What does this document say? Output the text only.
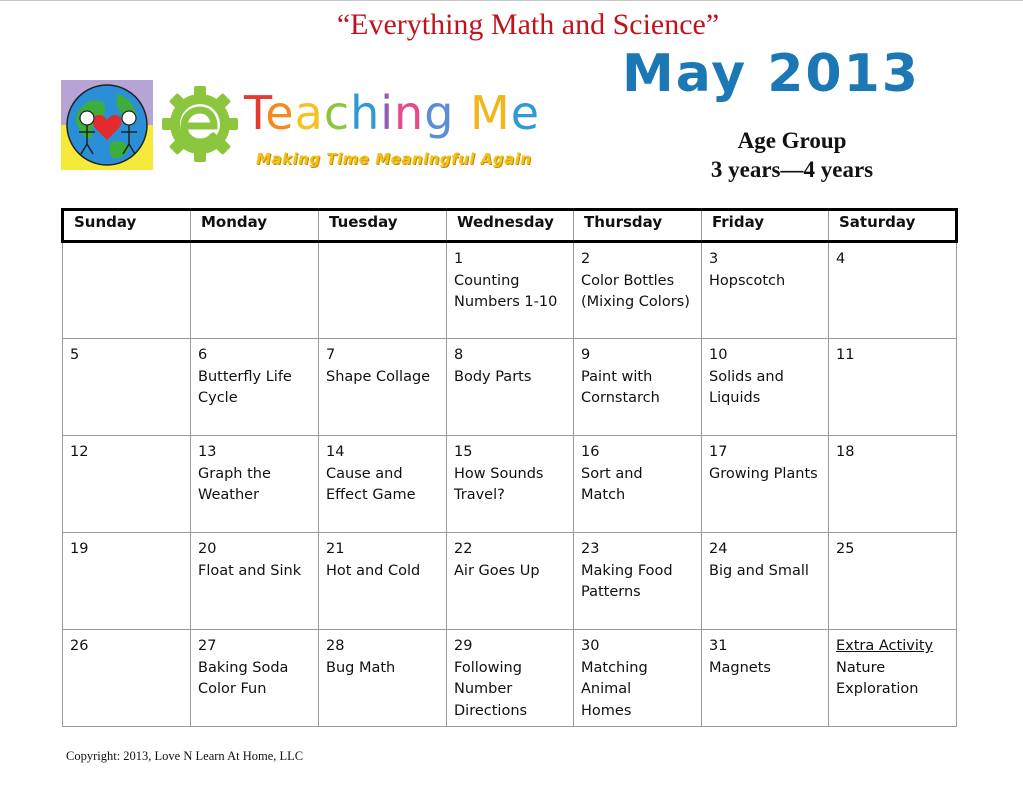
“Everything Math and Science”
May 2013
Age Group
3 years—4 years
Teaching Me
Making Time Meaningful Again
Sunday	Monday	Tuesday	Wednesday	Thursday	Friday	Saturday

			1
Counting
Numbers 1-10	2
Color Bottles
(Mixing Colors)	3
Hopscotch	4

5	6
Butterfly Life
Cycle	7
Shape Collage	8
Body Parts	9
Paint with
Cornstarch	10
Solids and
Liquids	11

12	13
Graph the
Weather	14
Cause and
Effect Game	15
How Sounds
Travel?	16
Sort and
Match	17
Growing Plants	18

19	20
Float and Sink	21
Hot and Cold	22
Air Goes Up	23
Making Food
Patterns	24
Big and Small	25

26	27
Baking Soda
Color Fun	28
Bug Math	29
Following
Number
Directions	30
Matching
Animal
Homes	31
Magnets	Extra Activity
Nature
Exploration
Copyright: 2013, Love N Learn At Home, LLC
